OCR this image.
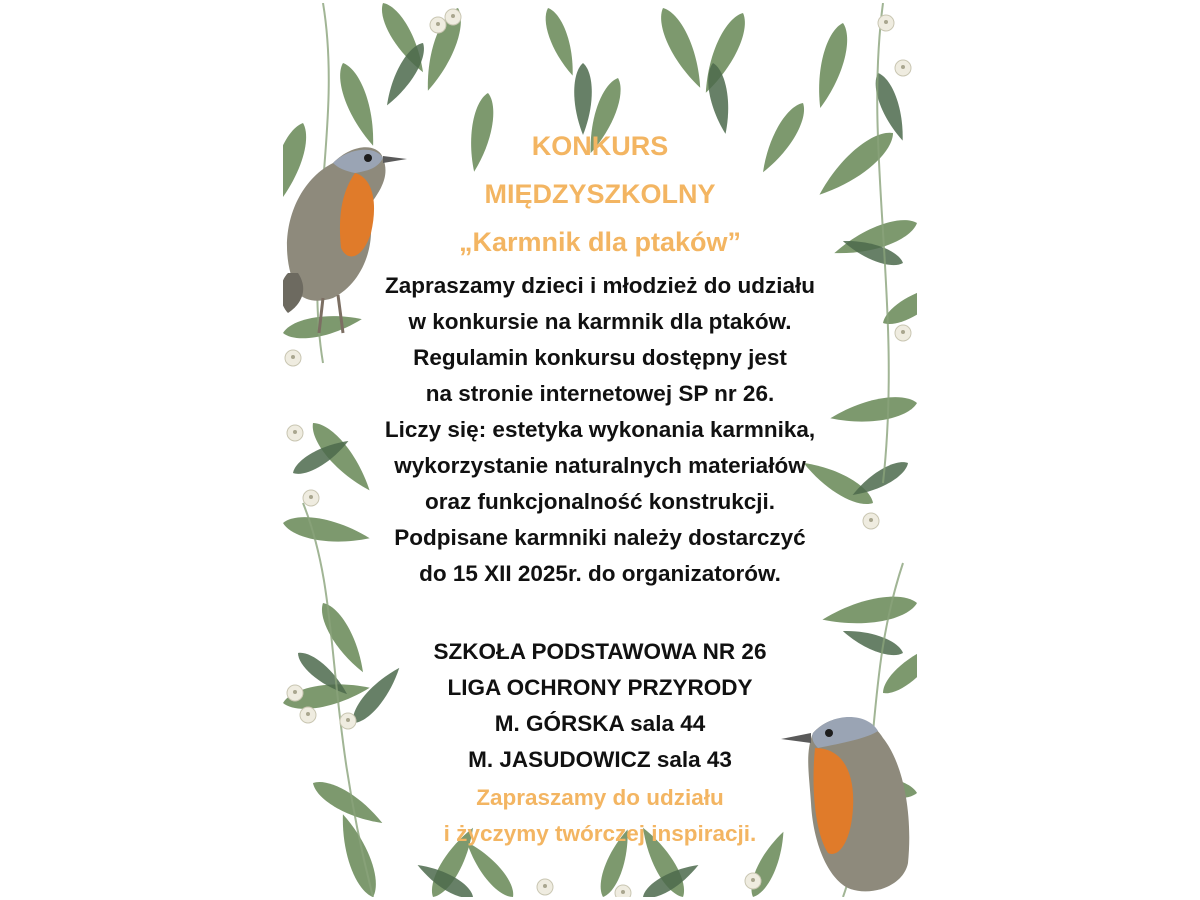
KONKURS
MIĘDZYSZKOLNY
„Karmnik dla ptaków”
Zapraszamy dzieci i młodzież do udziału
w konkursie na karmnik dla ptaków.
Regulamin konkursu dostępny jest
na stronie internetowej SP nr 26.
Liczy się: estetyka wykonania karmnika,
wykorzystanie naturalnych materiałów
oraz funkcjonalność konstrukcji.
Podpisane karmniki należy dostarczyć
do 15 XII 2025r. do organizatorów.
SZKOŁA PODSTAWOWA NR 26
LIGA OCHRONY PRZYRODY
M. GÓRSKA sala 44
M. JASUDOWICZ sala 43
Zapraszamy do udziału
i życzymy twórczej inspiracji.
